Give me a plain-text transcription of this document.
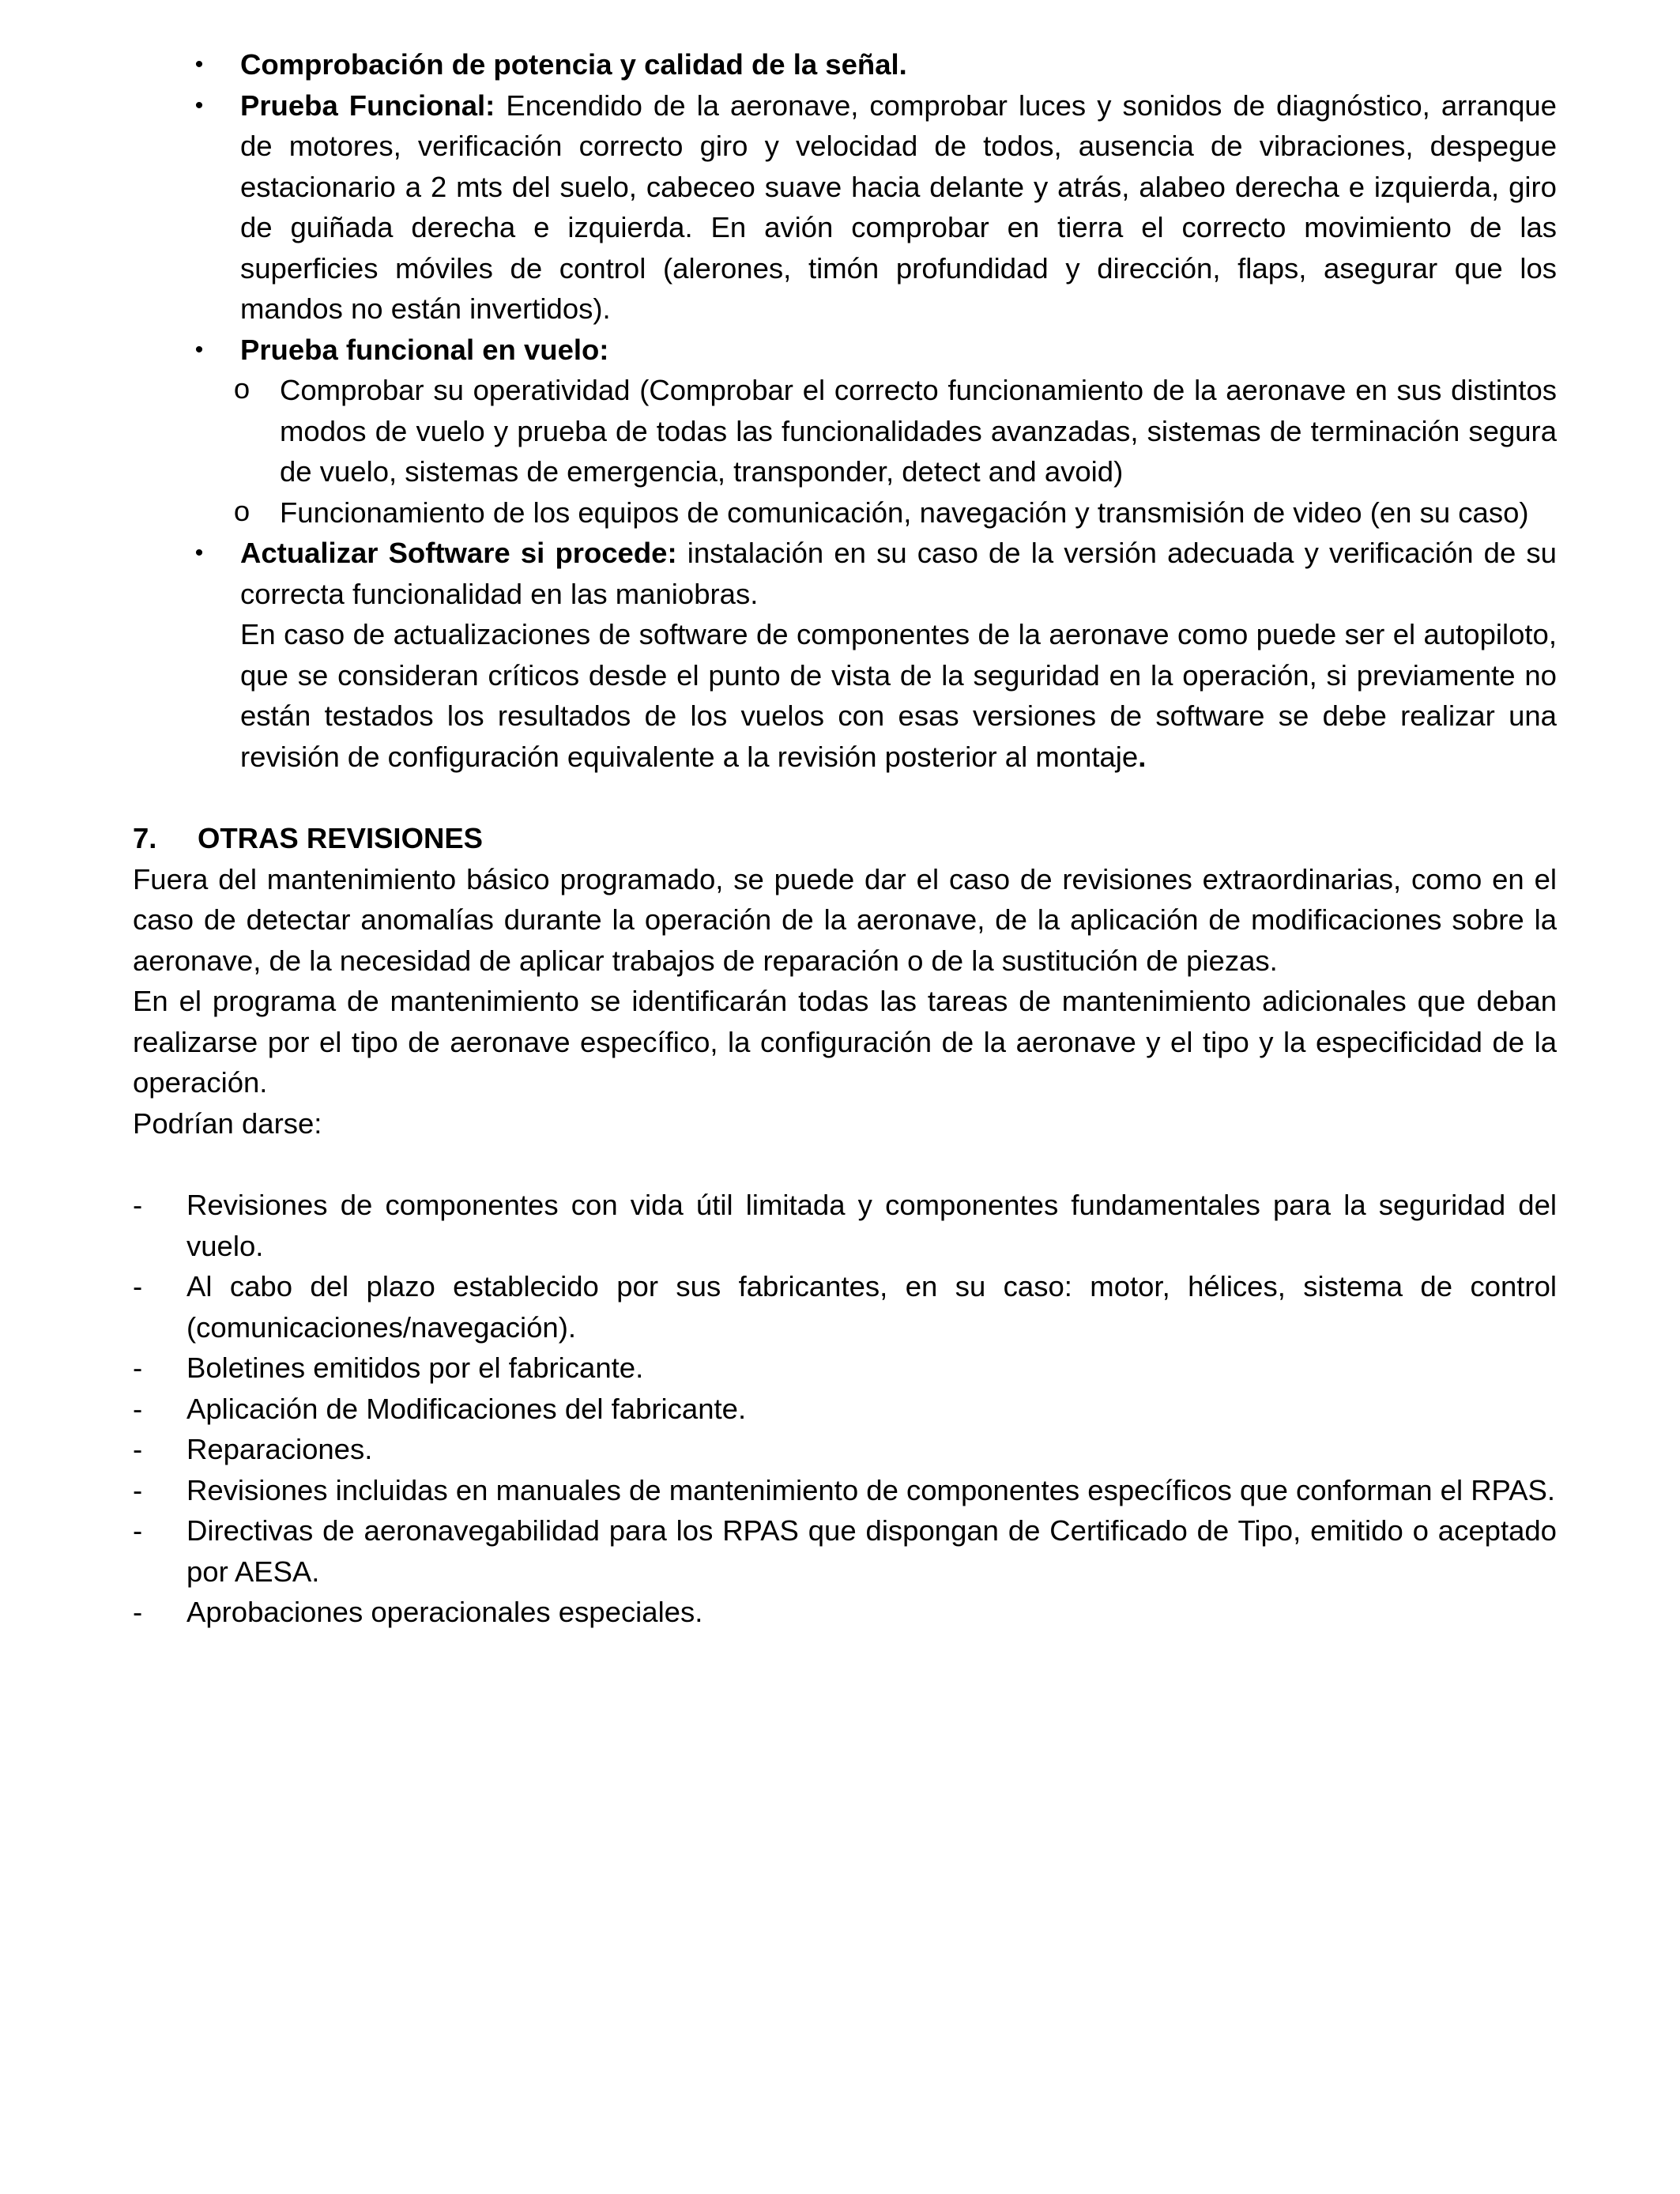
•	Comprobación de potencia y calidad de la señal.
•	Prueba Funcional: Encendido de la aeronave, comprobar luces y sonidos de diagnóstico, arranque de motores, verificación correcto giro y velocidad de todos, ausencia de vibraciones, despegue estacionario a 2 mts del suelo, cabeceo suave hacia delante y atrás, alabeo derecha e izquierda, giro de guiñada derecha e izquierda. En avión comprobar en tierra el correcto movimiento de las superficies móviles de control (alerones, timón profundidad y dirección, flaps, asegurar que los mandos no están invertidos).
•	Prueba funcional en vuelo:
o Comprobar su operatividad (Comprobar el correcto funcionamiento de la aeronave en sus distintos modos de vuelo y prueba de todas las funcionalidades avanzadas, sistemas de terminación segura de vuelo, sistemas de emergencia, transponder, detect and avoid)
o Funcionamiento de los equipos de comunicación, navegación y transmisión de video (en su caso)
•	Actualizar Software si procede: instalación en su caso de la versión adecuada y verificación de su correcta funcionalidad en las maniobras.
En caso de actualizaciones de software de componentes de la aeronave como puede ser el autopiloto, que se consideran críticos desde el punto de vista de la seguridad en la operación, si previamente no están testados los resultados de los vuelos con esas versiones de software se debe realizar una revisión de configuración equivalente a la revisión posterior al montaje.
7. OTRAS REVISIONES
Fuera del mantenimiento básico programado, se puede dar el caso de revisiones extraordinarias, como en el caso de detectar anomalías durante la operación de la aeronave, de la aplicación de modificaciones sobre la aeronave, de la necesidad de aplicar trabajos de reparación o de la sustitución de piezas.
En el programa de mantenimiento se identificarán todas las tareas de mantenimiento adicionales que deban realizarse por el tipo de aeronave específico, la configuración de la aeronave y el tipo y la especificidad de la operación.
Podrían darse:
- Revisiones de componentes con vida útil limitada y componentes fundamentales para la seguridad del vuelo.
- Al cabo del plazo establecido por sus fabricantes, en su caso: motor, hélices, sistema de control (comunicaciones/navegación).
- Boletines emitidos por el fabricante.
- Aplicación de Modificaciones del fabricante.
- Reparaciones.
- Revisiones incluidas en manuales de mantenimiento de componentes específicos que conforman el RPAS.
- Directivas de aeronavegabilidad para los RPAS que dispongan de Certificado de Tipo, emitido o aceptado por AESA.
- Aprobaciones operacionales especiales.
